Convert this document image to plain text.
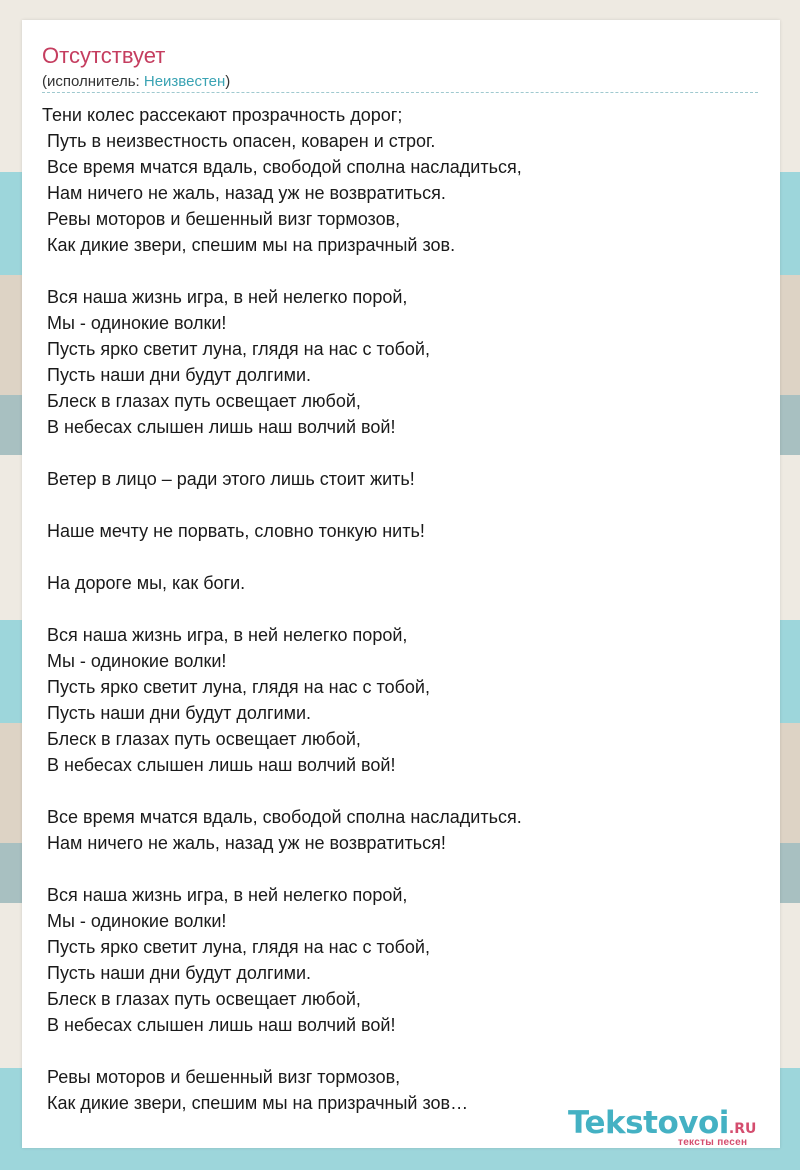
Отсутствует
(исполнитель: Неизвестен)
Тени колес рассекают прозрачность дорог;
Путь в неизвестность опасен, коварен и строг.
Все время мчатся вдаль, свободой сполна насладиться,
Нам ничего не жаль, назад уж не возвратиться.
Ревы моторов и бешенный визг тормозов,
Как дикие звери, спешим мы на призрачный зов.
Вся наша жизнь игра, в ней нелегко порой,
Мы - одинокие волки!
Пусть ярко светит луна, глядя на нас с тобой,
Пусть наши дни будут долгими.
Блеск в глазах путь освещает любой,
В небесах слышен лишь наш волчий вой!
Ветер в лицо – ради этого лишь стоит жить!
Наше мечту не порвать, словно тонкую нить!
На дороге мы, как боги.
Вся наша жизнь игра, в ней нелегко порой,
Мы - одинокие волки!
Пусть ярко светит луна, глядя на нас с тобой,
Пусть наши дни будут долгими.
Блеск в глазах путь освещает любой,
В небесах слышен лишь наш волчий вой!
Все время мчатся вдаль, свободой сполна насладиться.
Нам ничего не жаль, назад уж не возвратиться!
Вся наша жизнь игра, в ней нелегко порой,
Мы - одинокие волки!
Пусть ярко светит луна, глядя на нас с тобой,
Пусть наши дни будут долгими.
Блеск в глазах путь освещает любой,
В небесах слышен лишь наш волчий вой!
Ревы моторов и бешенный визг тормозов,
Как дикие звери, спешим мы на призрачный зов…
Tekstovoi.RU
тексты песен
